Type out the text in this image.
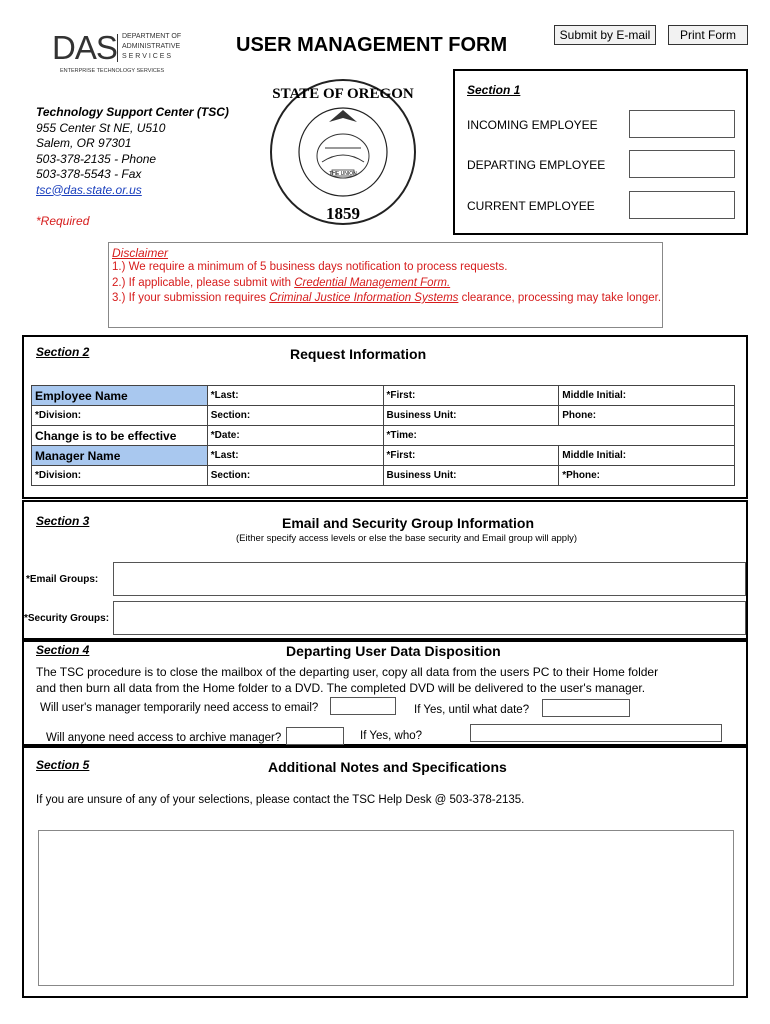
DAS DEPARTMENT OF
ADMINISTRATIVE
S E R V I C E S
ENTERPRISE TECHNOLOGY SERVICES
USER MANAGEMENT FORM	Submit by E-mail	Print Form
Technology Support Center (TSC)
955 Center St NE, U510
Salem, OR 97301
503-378-2135 - Phone
503-378-5543 - Fax
tsc@das.state.or.us
*Required
THE UNION
STATE OF OREGON
1859
Section 1
INCOMING EMPLOYEE
DEPARTING EMPLOYEE
CURRENT EMPLOYEE
Disclaimer
1.) We require a minimum of 5 business days notification to process requests.
2.) If applicable, please submit with Credential Management Form.
3.) If your submission requires Criminal Justice Information Systems clearance, processing may take longer.
Section 2	Request Information
Employee Name	*Last:	*First:	Middle Initial:
*Division:	Section:	Business Unit:	Phone:
Change is to be effective	*Date:	*Time:	
Manager Name	*Last:	*First:	Middle Initial:
*Division:	Section:	Business Unit:	*Phone:
Section 3	Email and Security Group Information
(Either specify access levels or else the base security and Email group will apply)
*Email Groups:
*Security Groups:
Section 4	Departing User Data Disposition
The TSC procedure is to close the mailbox of the departing user, copy all data from the users PC to their Home folder
and then burn all data from the Home folder to a DVD. The completed DVD will be delivered to the user's manager.
Will user's manager temporarily need access to email?	If Yes, until what date?
Will anyone need access to archive manager?	If Yes, who?
Section 5	Additional Notes and Specifications
If you are unsure of any of your selections, please contact the TSC Help Desk @ 503-378-2135.
